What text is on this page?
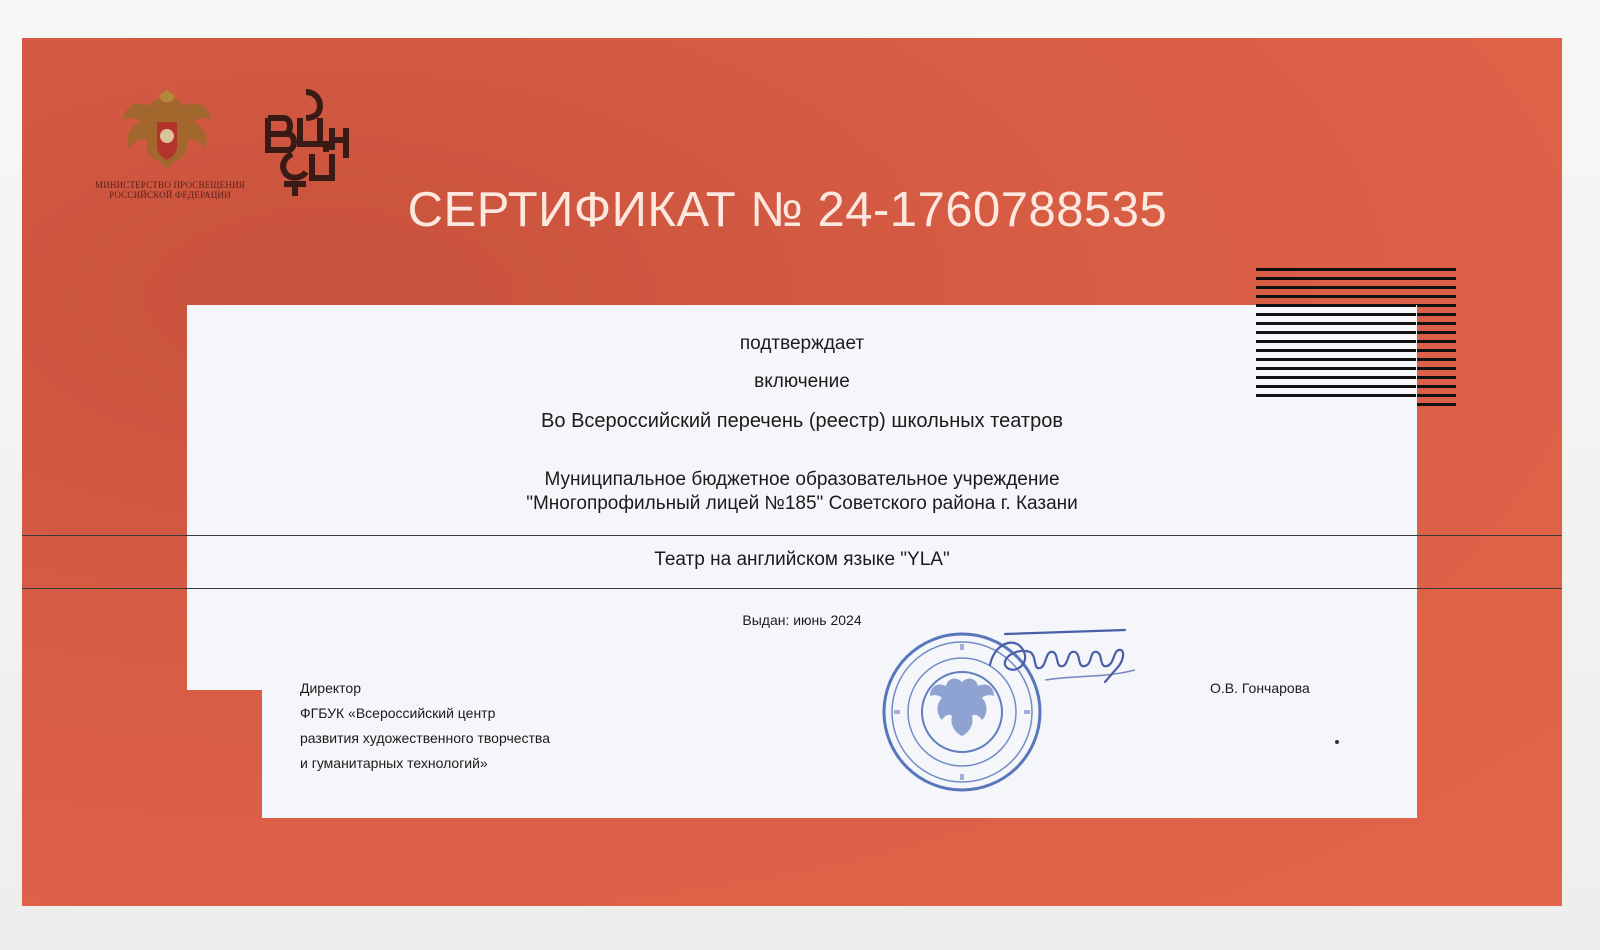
МИНИСТЕРСТВО ПРОСВЕЩЕНИЯ
РОССИЙСКОЙ ФЕДЕРАЦИИ	СЕРТИФИКАТ № 24-1760788535
подтверждает
включение
Во Всероссийский перечень (реестр) школьных театров
Муниципальное бюджетное образовательное учреждение
"Многопрофильный лицей №185" Советского района г. Казани
Театр на английском языке "YLA"
Выдан: июнь 2024
Директор
ФГБУК «Всероссийский центр
развития художественного творчества
и гуманитарных технологий»
О.В. Гончарова
